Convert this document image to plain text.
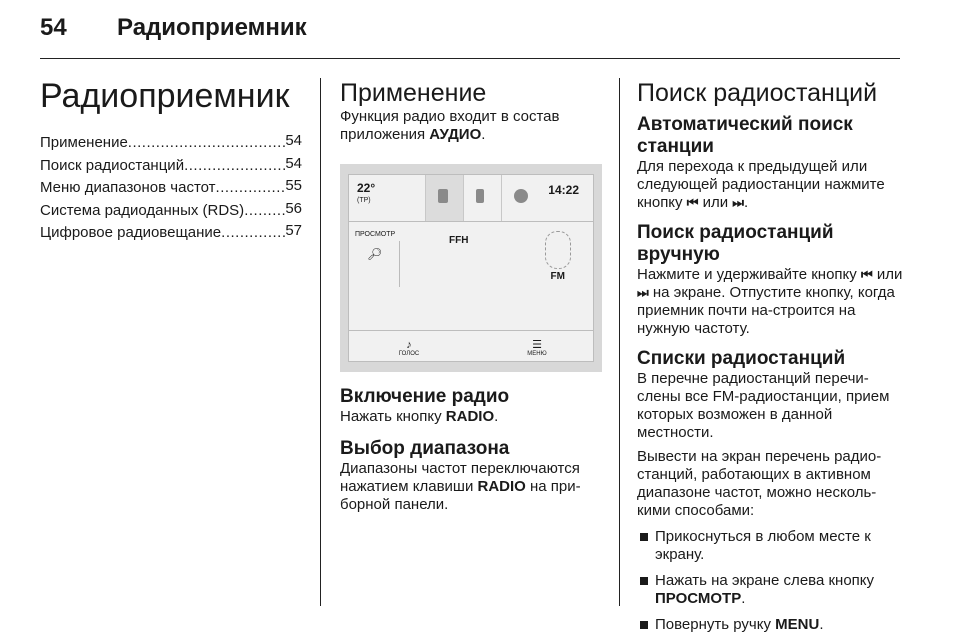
54 Радиоприемник
Радиоприемник
Применение .....	54
Поиск радиостанций .....	54
Меню диапазонов частот .....	55
Система радиоданных (RDS) .....	56
Цифровое радиовещание .....	57
Применение

Функция радио входит в состав приложения АУДИО.

22°
(TP)
14:22
ПРОСМОТР
🔎︎
FFH
FM
♪
ГОЛОС
☰
МЕНЮ
Включение радио

Нажать кнопку RADIO.

Выбор диапазона

Диапазоны частот переключаются нажатием клавиши RADIO на при-борной панели.

Поиск радиостанций
Автоматический поиск станции

Для перехода к предыдущей или следующей радиостанции нажмите кнопку ⏮ или ⏭.

Поиск радиостанций вручную

Нажмите и удерживайте кнопку ⏮ или ⏭ на экране. Отпустите кнопку, когда приемник почти на-строится на нужную частоту.

Списки радиостанций

В перечне радиостанций перечи-слены все FM-радиостанции, прием которых возможен в данной местности.

Вывести на экран перечень радио-станций, работающих в активном диапазоне частот, можно несколь-кими способами:

Прикоснуться в любом месте к экрану.
Нажать на экране слева кнопку ПРОСМОТР.
Повернуть ручку MENU.
